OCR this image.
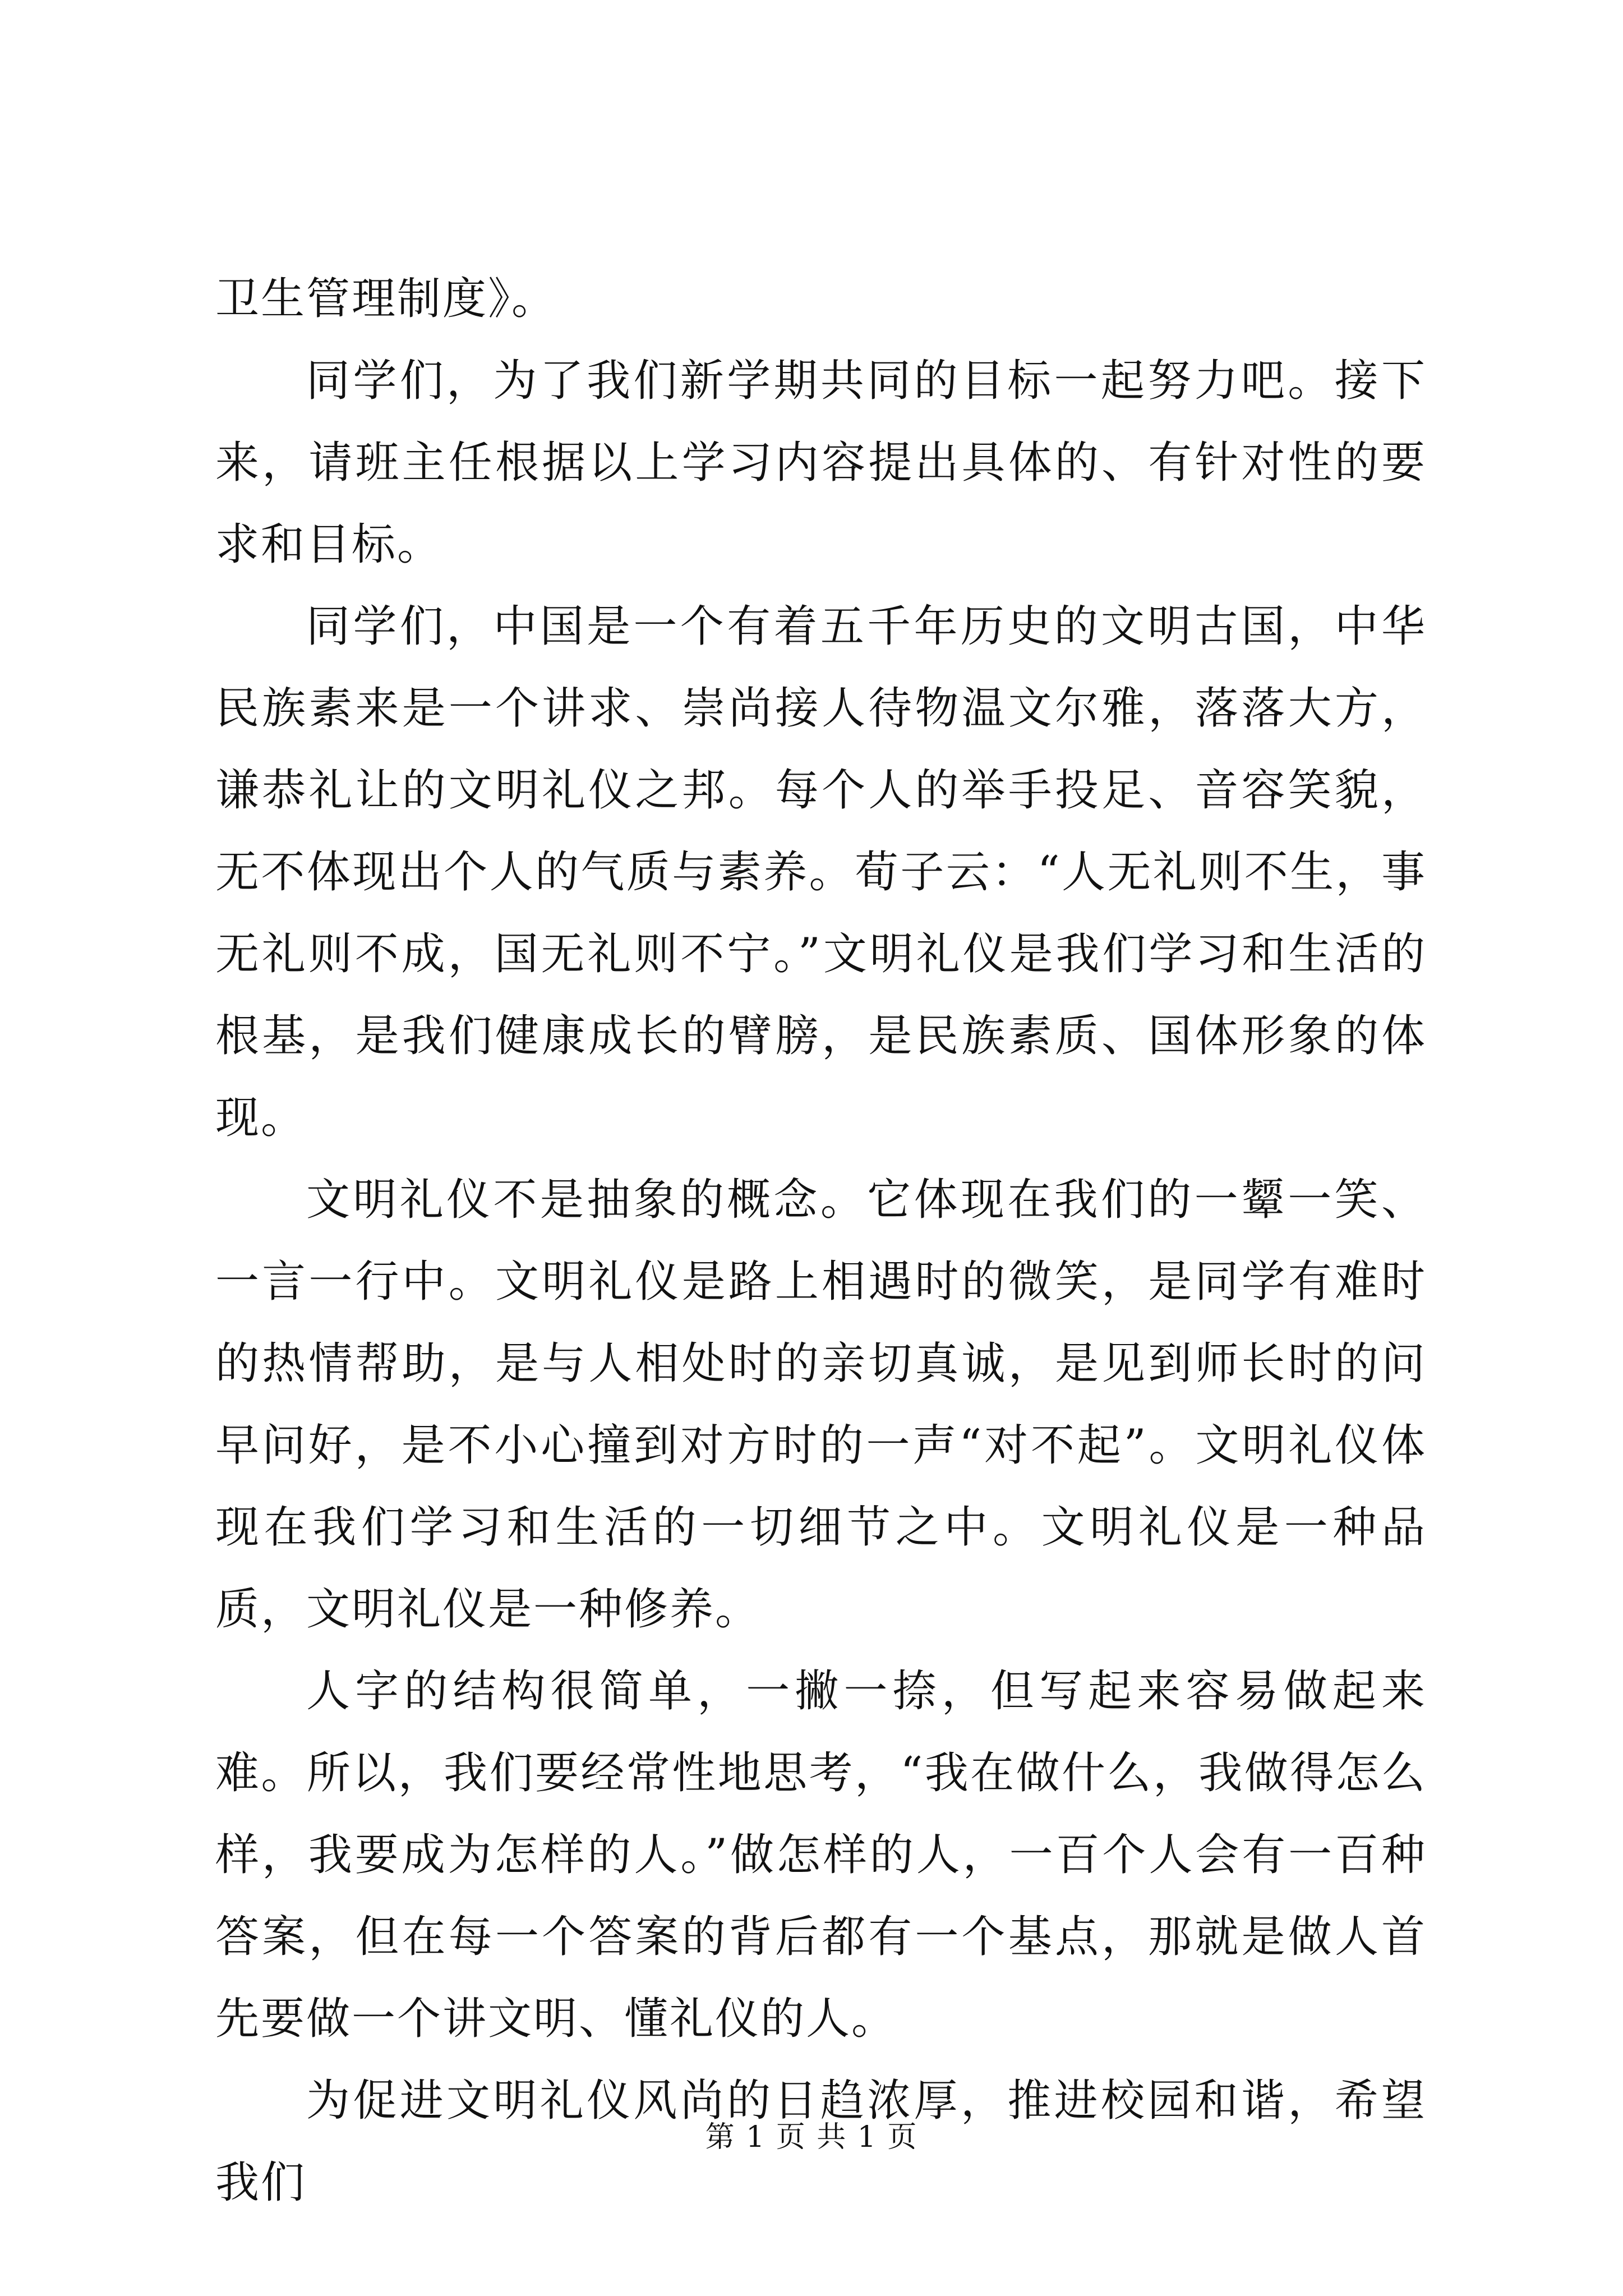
卫生管理制度》。

同学们，为了我们新学期共同的目标一起努力吧。接下来，请班主任根据以上学习内容提出具体的、有针对性的要求和目标。

同学们，中国是一个有着五千年历史的文明古国，中华民族素来是一个讲求、崇尚接人待物温文尔雅，落落大方，谦恭礼让的文明礼仪之邦。每个人的举手投足、音容笑貌，无不体现出个人的气质与素养。荀子云：“人无礼则不生，事无礼则不成，国无礼则不宁。”文明礼仪是我们学习和生活的根基，是我们健康成长的臂膀，是民族素质、国体形象的体现。

文明礼仪不是抽象的概念。它体现在我们的一颦一笑、一言一行中。文明礼仪是路上相遇时的微笑，是同学有难时的热情帮助，是与人相处时的亲切真诚，是见到师长时的问早问好，是不小心撞到对方时的一声“对不起”。文明礼仪体现在我们学习和生活的一切细节之中。文明礼仪是一种品质，文明礼仪是一种修养。

人字的结构很简单，一撇一捺，但写起来容易做起来难。所以，我们要经常性地思考，“我在做什么，我做得怎么样，我要成为怎样的人。”做怎样的人，一百个人会有一百种答案，但在每一个答案的背后都有一个基点，那就是做人首先要做一个讲文明、懂礼仪的人。

为促进文明礼仪风尚的日趋浓厚，推进校园和谐，希望我们

第 1 页 共 1 页
